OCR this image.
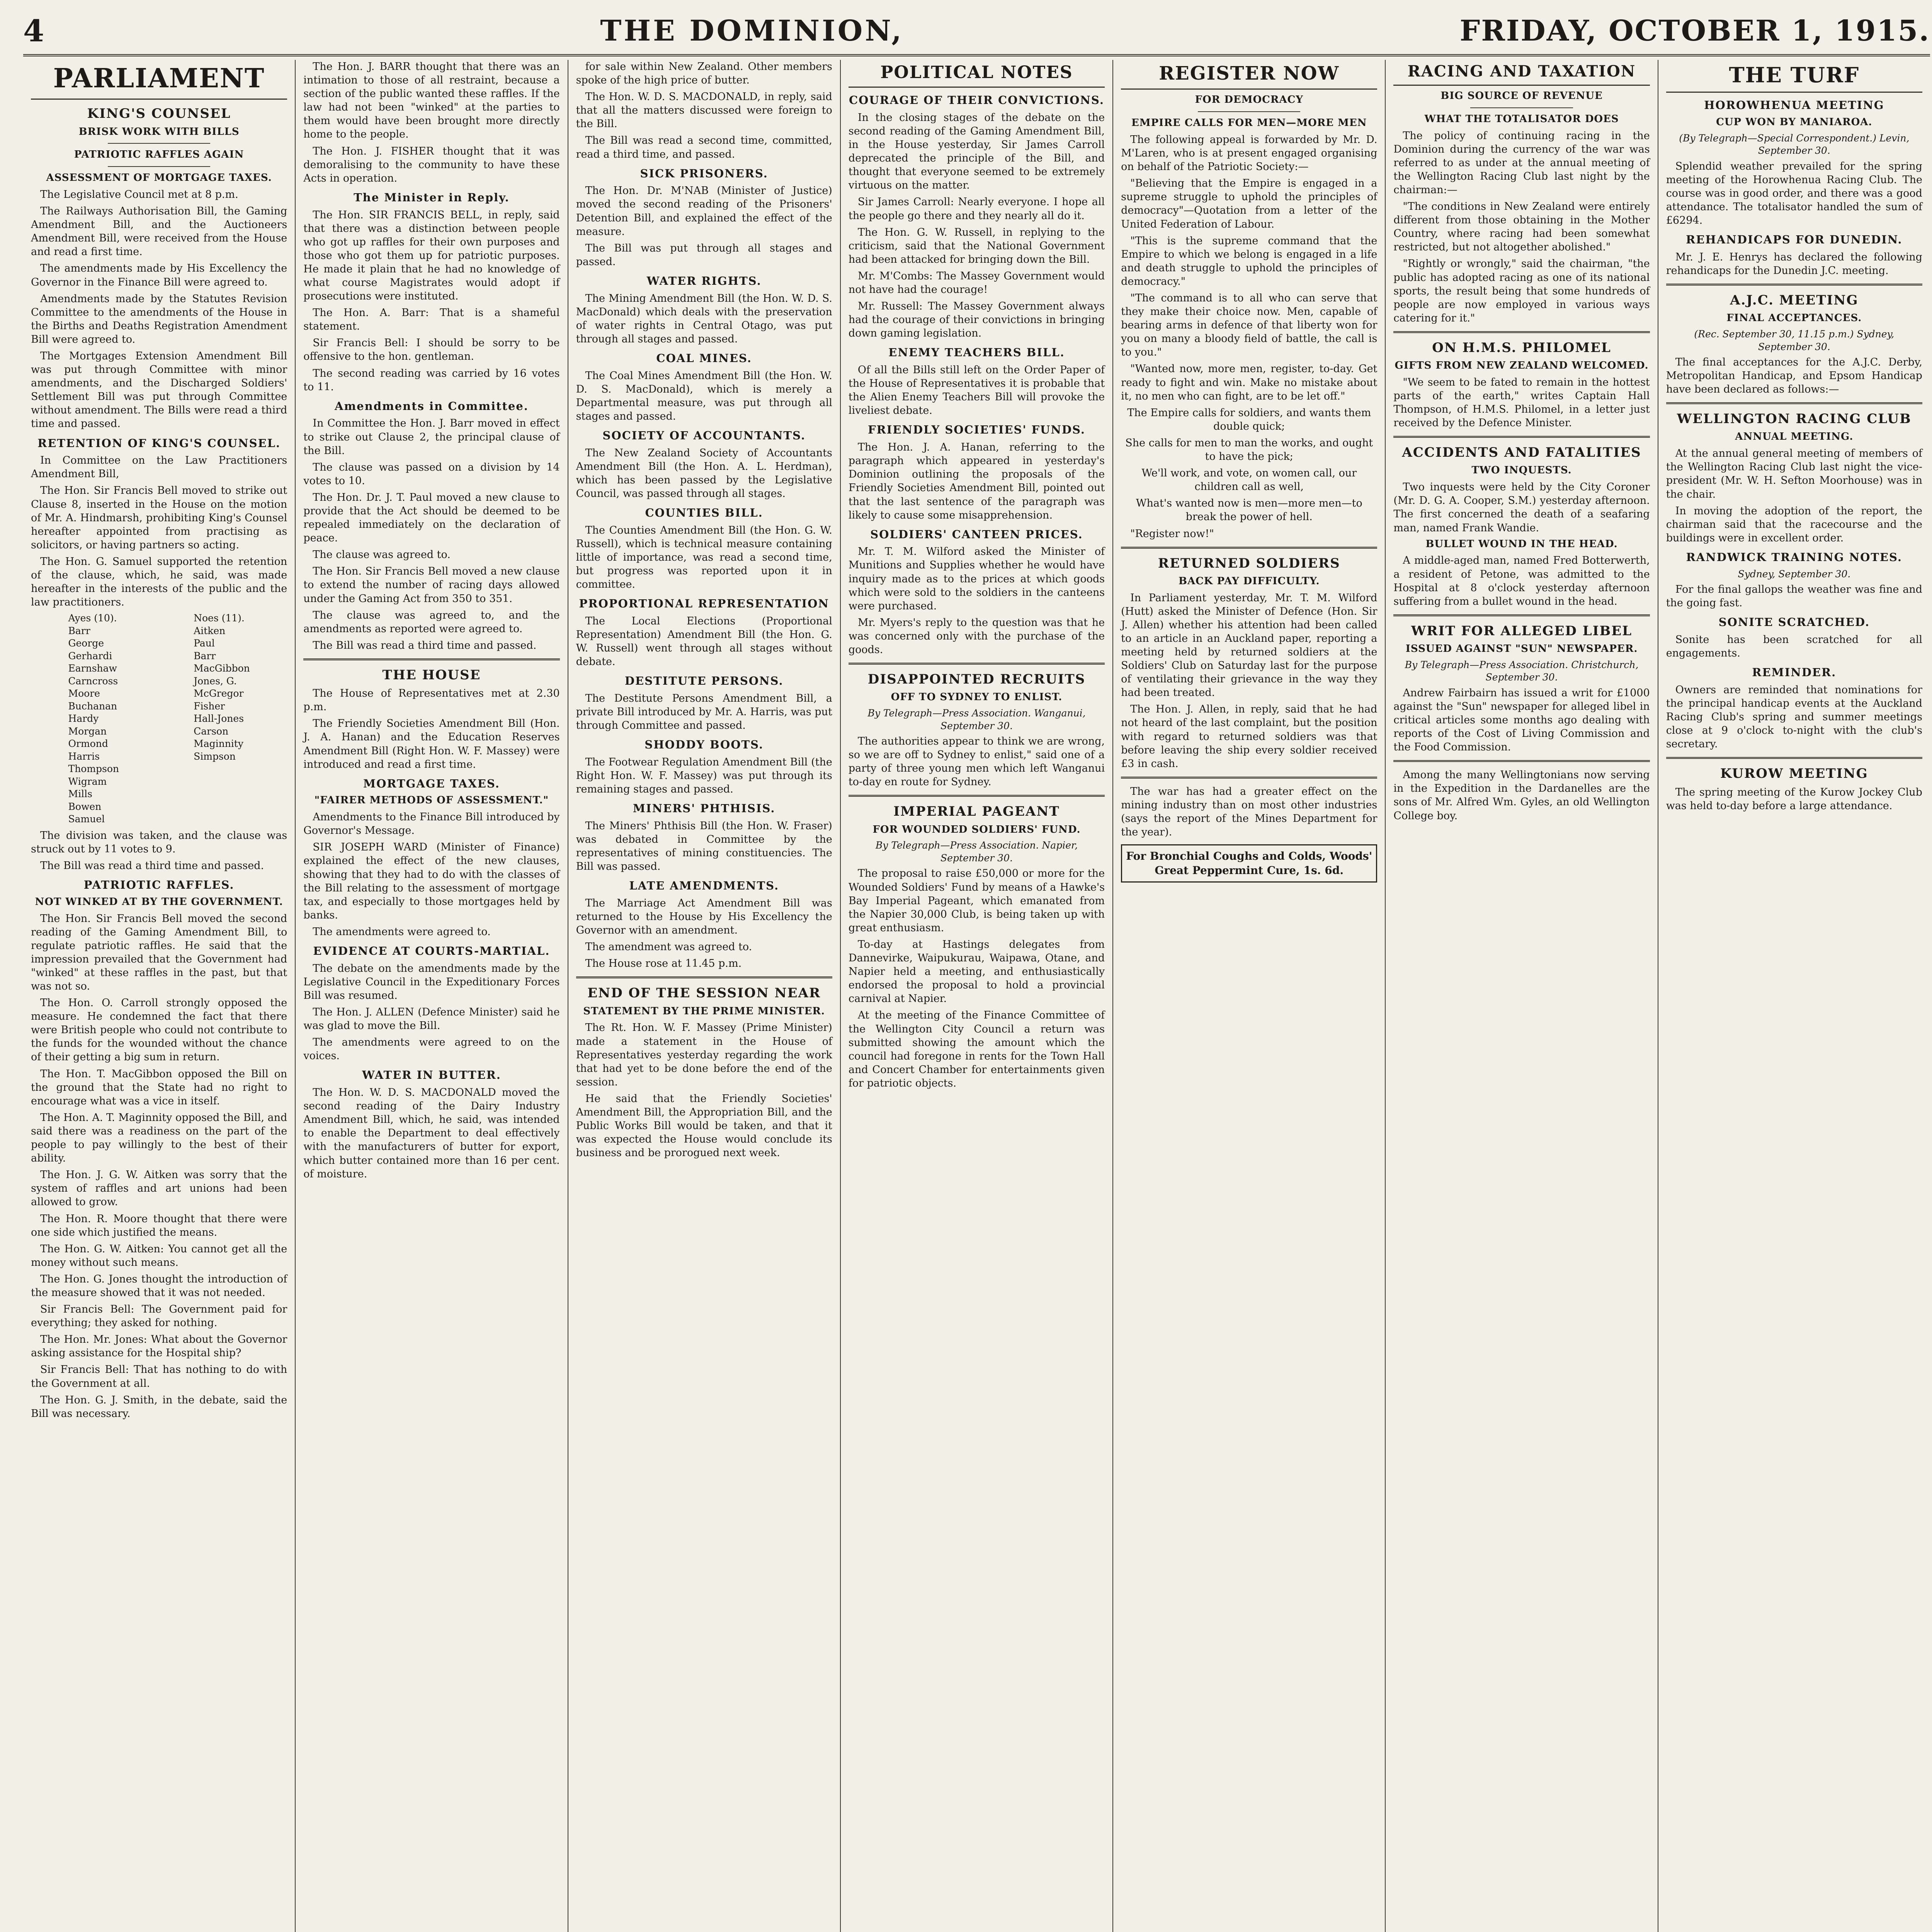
4	THE DOMINION,	FRIDAY, OCTOBER 1, 1915.
PARLIAMENT
KING'S COUNSEL
BRISK WORK WITH BILLS
PATRIOTIC RAFFLES AGAIN
ASSESSMENT OF MORTGAGE TAXES.

The Legislative Council met at 8 p.m.

The Railways Authorisation Bill, the Gaming Amendment Bill, and the Auctioneers Amendment Bill, were received from the House and read a first time.

The amendments made by His Excellency the Governor in the Finance Bill were agreed to.

Amendments made by the Statutes Revision Committee to the amendments of the House in the Births and Deaths Registration Amendment Bill were agreed to.

The Mortgages Extension Amendment Bill was put through Committee with minor amendments, and the Discharged Soldiers' Settlement Bill was put through Committee without amendment. The Bills were read a third time and passed.

RETENTION OF KING'S COUNSEL.

In Committee on the Law Practitioners Amendment Bill,

The Hon. Sir Francis Bell moved to strike out Clause 8, inserted in the House on the motion of Mr. A. Hindmarsh, prohibiting King's Counsel hereafter appointed from practising as solicitors, or having partners so acting.

The Hon. G. Samuel supported the retention of the clause, which, he said, was made hereafter in the interests of the public and the law practitioners.

Ayes (10).
Barr
George
Gerhardi
Earnshaw
Carncross
Moore
Buchanan
Hardy
Morgan
Ormond
Harris
Thompson
Wigram
Mills
Bowen
Samuel
Noes (11).
Aitken
Paul
Barr
MacGibbon
Jones, G.
McGregor
Fisher
Hall-Jones
Carson
Maginnity
Simpson

The division was taken, and the clause was struck out by 11 votes to 9.

The Bill was read a third time and passed.

PATRIOTIC RAFFLES.
NOT WINKED AT BY THE GOVERNMENT.

The Hon. Sir Francis Bell moved the second reading of the Gaming Amendment Bill, to regulate patriotic raffles. He said that the impression prevailed that the Government had "winked" at these raffles in the past, but that was not so.

The Hon. O. Carroll strongly opposed the measure. He condemned the fact that there were British people who could not contribute to the funds for the wounded without the chance of their getting a big sum in return.

The Hon. T. MacGibbon opposed the Bill on the ground that the State had no right to encourage what was a vice in itself.

The Hon. A. T. Maginnity opposed the Bill, and said there was a readiness on the part of the people to pay willingly to the best of their ability.

The Hon. J. G. W. Aitken was sorry that the system of raffles and art unions had been allowed to grow.

The Hon. R. Moore thought that there were one side which justified the means.

The Hon. G. W. Aitken: You cannot get all the money without such means.

The Hon. G. Jones thought the introduction of the measure showed that it was not needed.

Sir Francis Bell: The Government paid for everything; they asked for nothing.

The Hon. Mr. Jones: What about the Governor asking assistance for the Hospital ship?

Sir Francis Bell: That has nothing to do with the Government at all.

The Hon. G. J. Smith, in the debate, said the Bill was necessary.

The Hon. J. BARR thought that there was an intimation to those of all restraint, because a section of the public wanted these raffles. If the law had not been "winked" at the parties to them would have been brought more directly home to the people.

The Hon. J. FISHER thought that it was demoralising to the community to have these Acts in operation.

The Minister in Reply.

The Hon. SIR FRANCIS BELL, in reply, said that there was a distinction between people who got up raffles for their own purposes and those who got them up for patriotic purposes. He made it plain that he had no knowledge of what course Magistrates would adopt if prosecutions were instituted.

The Hon. A. Barr: That is a shameful statement.

Sir Francis Bell: I should be sorry to be offensive to the hon. gentleman.

The second reading was carried by 16 votes to 11.

Amendments in Committee.

In Committee the Hon. J. Barr moved in effect to strike out Clause 2, the principal clause of the Bill.

The clause was passed on a division by 14 votes to 10.

The Hon. Dr. J. T. Paul moved a new clause to provide that the Act should be deemed to be repealed immediately on the declaration of peace.

The clause was agreed to.

The Hon. Sir Francis Bell moved a new clause to extend the number of racing days allowed under the Gaming Act from 350 to 351.

The clause was agreed to, and the amendments as reported were agreed to.

The Bill was read a third time and passed.

THE HOUSE

The House of Representatives met at 2.30 p.m.

The Friendly Societies Amendment Bill (Hon. J. A. Hanan) and the Education Reserves Amendment Bill (Right Hon. W. F. Massey) were introduced and read a first time.

MORTGAGE TAXES.
"FAIRER METHODS OF ASSESSMENT."

Amendments to the Finance Bill introduced by Governor's Message.

SIR JOSEPH WARD (Minister of Finance) explained the effect of the new clauses, showing that they had to do with the classes of the Bill relating to the assessment of mortgage tax, and especially to those mortgages held by banks.

The amendments were agreed to.

EVIDENCE AT COURTS-MARTIAL.

The debate on the amendments made by the Legislative Council in the Expeditionary Forces Bill was resumed.

The Hon. J. ALLEN (Defence Minister) said he was glad to move the Bill.

The amendments were agreed to on the voices.

WATER IN BUTTER.

The Hon. W. D. S. MACDONALD moved the second reading of the Dairy Industry Amendment Bill, which, he said, was intended to enable the Department to deal effectively with the manufacturers of butter for export, which butter contained more than 16 per cent. of moisture.

for sale within New Zealand. Other members spoke of the high price of butter.

The Hon. W. D. S. MACDONALD, in reply, said that all the matters discussed were foreign to the Bill.

The Bill was read a second time, committed, read a third time, and passed.

SICK PRISONERS.

The Hon. Dr. M'NAB (Minister of Justice) moved the second reading of the Prisoners' Detention Bill, and explained the effect of the measure.

The Bill was put through all stages and passed.

WATER RIGHTS.

The Mining Amendment Bill (the Hon. W. D. S. MacDonald) which deals with the preservation of water rights in Central Otago, was put through all stages and passed.

COAL MINES.

The Coal Mines Amendment Bill (the Hon. W. D. S. MacDonald), which is merely a Departmental measure, was put through all stages and passed.

SOCIETY OF ACCOUNTANTS.

The New Zealand Society of Accountants Amendment Bill (the Hon. A. L. Herdman), which has been passed by the Legislative Council, was passed through all stages.

COUNTIES BILL.

The Counties Amendment Bill (the Hon. G. W. Russell), which is technical measure containing little of importance, was read a second time, but progress was reported upon it in committee.

PROPORTIONAL REPRESENTATION

The Local Elections (Proportional Representation) Amendment Bill (the Hon. G. W. Russell) went through all stages without debate.

DESTITUTE PERSONS.

The Destitute Persons Amendment Bill, a private Bill introduced by Mr. A. Harris, was put through Committee and passed.

SHODDY BOOTS.

The Footwear Regulation Amendment Bill (the Right Hon. W. F. Massey) was put through its remaining stages and passed.

MINERS' PHTHISIS.

The Miners' Phthisis Bill (the Hon. W. Fraser) was debated in Committee by the representatives of mining constituencies. The Bill was passed.

LATE AMENDMENTS.

The Marriage Act Amendment Bill was returned to the House by His Excellency the Governor with an amendment.

The amendment was agreed to.

The House rose at 11.45 p.m.

END OF THE SESSION NEAR
STATEMENT BY THE PRIME MINISTER.

The Rt. Hon. W. F. Massey (Prime Minister) made a statement in the House of Representatives yesterday regarding the work that had yet to be done before the end of the session.

He said that the Friendly Societies' Amendment Bill, the Appropriation Bill, and the Public Works Bill would be taken, and that it was expected the House would conclude its business and be prorogued next week.

POLITICAL NOTES
COURAGE OF THEIR CONVICTIONS.

In the closing stages of the debate on the second reading of the Gaming Amendment Bill, in the House yesterday, Sir James Carroll deprecated the principle of the Bill, and thought that everyone seemed to be extremely virtuous on the matter.

Sir James Carroll: Nearly everyone. I hope all the people go there and they nearly all do it.

The Hon. G. W. Russell, in replying to the criticism, said that the National Government had been attacked for bringing down the Bill.

Mr. M'Combs: The Massey Government would not have had the courage!

Mr. Russell: The Massey Government always had the courage of their convictions in bringing down gaming legislation.

ENEMY TEACHERS BILL.

Of all the Bills still left on the Order Paper of the House of Representatives it is probable that the Alien Enemy Teachers Bill will provoke the liveliest debate.

FRIENDLY SOCIETIES' FUNDS.

The Hon. J. A. Hanan, referring to the paragraph which appeared in yesterday's Dominion outlining the proposals of the Friendly Societies Amendment Bill, pointed out that the last sentence of the paragraph was likely to cause some misapprehension.

SOLDIERS' CANTEEN PRICES.

Mr. T. M. Wilford asked the Minister of Munitions and Supplies whether he would have inquiry made as to the prices at which goods which were sold to the soldiers in the canteens were purchased.

Mr. Myers's reply to the question was that he was concerned only with the purchase of the goods.

DISAPPOINTED RECRUITS
OFF TO SYDNEY TO ENLIST.
By Telegraph—Press Association. Wanganui, September 30.

The authorities appear to think we are wrong, so we are off to Sydney to enlist," said one of a party of three young men which left Wanganui to-day en route for Sydney.

IMPERIAL PAGEANT
FOR WOUNDED SOLDIERS' FUND.
By Telegraph—Press Association. Napier, September 30.

The proposal to raise £50,000 or more for the Wounded Soldiers' Fund by means of a Hawke's Bay Imperial Pageant, which emanated from the Napier 30,000 Club, is being taken up with great enthusiasm.

To-day at Hastings delegates from Dannevirke, Waipukurau, Waipawa, Otane, and Napier held a meeting, and enthusiastically endorsed the proposal to hold a provincial carnival at Napier.

At the meeting of the Finance Committee of the Wellington City Council a return was submitted showing the amount which the council had foregone in rents for the Town Hall and Concert Chamber for entertainments given for patriotic objects.

REGISTER NOW
FOR DEMOCRACY
EMPIRE CALLS FOR MEN—MORE MEN

The following appeal is forwarded by Mr. D. M'Laren, who is at present engaged organising on behalf of the Patriotic Society:—

"Believing that the Empire is engaged in a supreme struggle to uphold the principles of democracy"—Quotation from a letter of the United Federation of Labour.

"This is the supreme command that the Empire to which we belong is engaged in a life and death struggle to uphold the principles of democracy."

"The command is to all who can serve that they make their choice now. Men, capable of bearing arms in defence of that liberty won for you on many a bloody field of battle, the call is to you."

"Wanted now, more men, register, to-day. Get ready to fight and win. Make no mistake about it, no men who can fight, are to be let off."

The Empire calls for soldiers, and wants them double quick;

She calls for men to man the works, and ought to have the pick;

We'll work, and vote, on women call, our children call as well,

What's wanted now is men—more men—to break the power of hell.

"Register now!"

RETURNED SOLDIERS
BACK PAY DIFFICULTY.

In Parliament yesterday, Mr. T. M. Wilford (Hutt) asked the Minister of Defence (Hon. Sir J. Allen) whether his attention had been called to an article in an Auckland paper, reporting a meeting held by returned soldiers at the Soldiers' Club on Saturday last for the purpose of ventilating their grievance in the way they had been treated.

The Hon. J. Allen, in reply, said that he had not heard of the last complaint, but the position with regard to returned soldiers was that before leaving the ship every soldier received £3 in cash.

The war has had a greater effect on the mining industry than on most other industries (says the report of the Mines Department for the year).

For Bronchial Coughs and Colds, Woods' Great Peppermint Cure, 1s. 6d.
RACING AND TAXATION
BIG SOURCE OF REVENUE
WHAT THE TOTALISATOR DOES

The policy of continuing racing in the Dominion during the currency of the war was referred to as under at the annual meeting of the Wellington Racing Club last night by the chairman:—

"The conditions in New Zealand were entirely different from those obtaining in the Mother Country, where racing had been somewhat restricted, but not altogether abolished."

"Rightly or wrongly," said the chairman, "the public has adopted racing as one of its national sports, the result being that some hundreds of people are now employed in various ways catering for it."

ON H.M.S. PHILOMEL
GIFTS FROM NEW ZEALAND WELCOMED.

"We seem to be fated to remain in the hottest parts of the earth," writes Captain Hall Thompson, of H.M.S. Philomel, in a letter just received by the Defence Minister.

ACCIDENTS AND FATALITIES
TWO INQUESTS.

Two inquests were held by the City Coroner (Mr. D. G. A. Cooper, S.M.) yesterday afternoon. The first concerned the death of a seafaring man, named Frank Wandie.

BULLET WOUND IN THE HEAD.

A middle-aged man, named Fred Botterwerth, a resident of Petone, was admitted to the Hospital at 8 o'clock yesterday afternoon suffering from a bullet wound in the head.

WRIT FOR ALLEGED LIBEL
ISSUED AGAINST "SUN" NEWSPAPER.
By Telegraph—Press Association. Christchurch, September 30.

Andrew Fairbairn has issued a writ for £1000 against the "Sun" newspaper for alleged libel in critical articles some months ago dealing with reports of the Cost of Living Commission and the Food Commission.

Among the many Wellingtonians now serving in the Expedition in the Dardanelles are the sons of Mr. Alfred Wm. Gyles, an old Wellington College boy.

THE TURF
HOROWHENUA MEETING
CUP WON BY MANIAROA.
(By Telegraph—Special Correspondent.) Levin, September 30.

Splendid weather prevailed for the spring meeting of the Horowhenua Racing Club. The course was in good order, and there was a good attendance. The totalisator handled the sum of £6294.

REHANDICAPS FOR DUNEDIN.

Mr. J. E. Henrys has declared the following rehandicaps for the Dunedin J.C. meeting.

A.J.C. MEETING
FINAL ACCEPTANCES.
(Rec. September 30, 11.15 p.m.) Sydney, September 30.

The final acceptances for the A.J.C. Derby, Metropolitan Handicap, and Epsom Handicap have been declared as follows:—

WELLINGTON RACING CLUB
ANNUAL MEETING.

At the annual general meeting of members of the Wellington Racing Club last night the vice-president (Mr. W. H. Sefton Moorhouse) was in the chair.

In moving the adoption of the report, the chairman said that the racecourse and the buildings were in excellent order.

RANDWICK TRAINING NOTES.
Sydney, September 30.

For the final gallops the weather was fine and the going fast.

SONITE SCRATCHED.

Sonite has been scratched for all engagements.

REMINDER.

Owners are reminded that nominations for the principal handicap events at the Auckland Racing Club's spring and summer meetings close at 9 o'clock to-night with the club's secretary.

KUROW MEETING

The spring meeting of the Kurow Jockey Club was held to-day before a large attendance.
